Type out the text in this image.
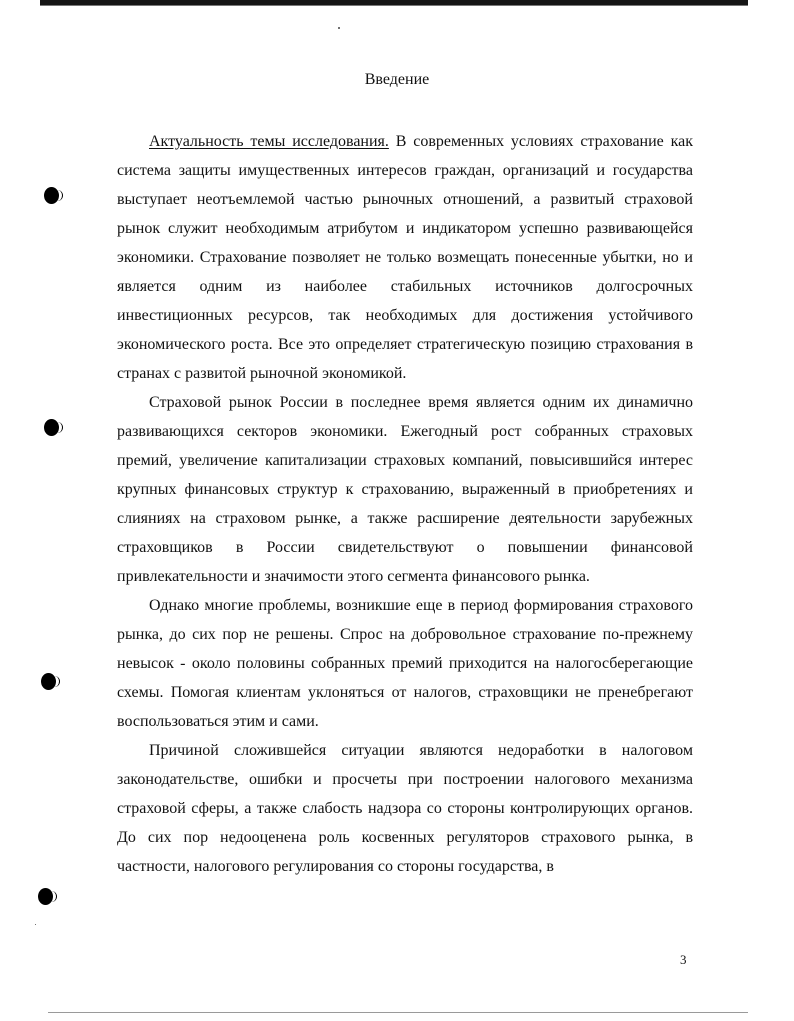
Введение

Актуальность темы исследования. В современных условиях страхование как система защиты имущественных интересов граждан, организаций и государства выступает неотъемлемой частью рыночных отношений, а развитый страховой рынок служит необходимым атрибутом и индикатором успешно развивающейся экономики. Страхование позволяет не только возмещать понесенные убытки, но и является одним из наиболее стабильных источников долгосрочных инвестиционных ресурсов, так необходимых для достижения устойчивого экономического роста. Все это определяет стратегическую позицию страхования в странах с развитой рыночной экономикой.

Страховой рынок России в последнее время является одним их динамично развивающихся секторов экономики. Ежегодный рост собранных страховых премий, увеличение капитализации страховых компаний, повысившийся интерес крупных финансовых структур к страхованию, выраженный в приобретениях и слияниях на страховом рынке, а также расширение деятельности зарубежных страховщиков в России свидетельствуют о повышении финансовой привлекательности и значимости этого сегмента финансового рынка.

Однако многие проблемы, возникшие еще в период формирования страхового рынка, до сих пор не решены. Спрос на добровольное страхование по-прежнему невысок - около половины собранных премий приходится на налогосберегающие схемы. Помогая клиентам уклоняться от налогов, страховщики не пренебрегают воспользоваться этим и сами.

Причиной сложившейся ситуации являются недоработки в налоговом законодательстве, ошибки и просчеты при построении налогового механизма страховой сферы, а также слабость надзора со стороны контролирующих органов. До сих пор недооценена роль косвенных регуляторов страхового рынка, в частности, налогового регулирования со стороны государства, в

3
